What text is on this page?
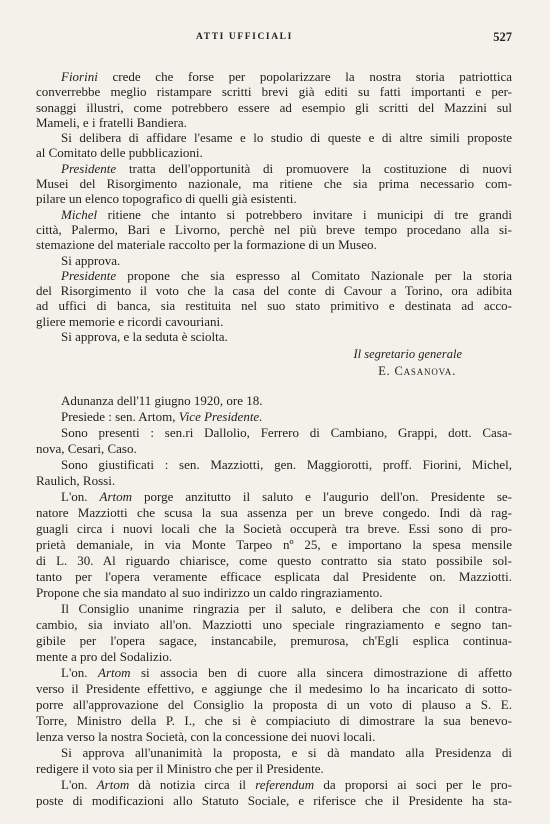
ATTI UFFICIALI	527
Fiorini crede che forse per popolarizzare la nostra storia patriottica
converrebbe meglio ristampare scritti brevi già editi su fatti importanti e per-
sonaggi illustri, come potrebbero essere ad esempio gli scritti del Mazzini sul
Mameli, e i fratelli Bandiera.
Si delibera di affidare l'esame e lo studio di queste e di altre simili proposte
al Comitato delle pubblicazioni.
Presidente tratta dell'opportunità di promuovere la costituzione di nuovi
Musei del Risorgimento nazionale, ma ritiene che sia prima necessario com-
pilare un elenco topografico di quelli già esistenti.
Michel ritiene che intanto si potrebbero invitare i municipi di tre grandi
città, Palermo, Bari e Livorno, perchè nel più breve tempo procedano alla si-
stemazione del materiale raccolto per la formazione di un Museo.
Si approva.
Presidente propone che sia espresso al Comitato Nazionale per la storia
del Risorgimento il voto che la casa del conte di Cavour a Torino, ora adibita
ad uffici di banca, sia restituita nel suo stato primitivo e destinata ad acco-
gliere memorie e ricordi cavouriani.
Si approva, e la seduta è sciolta.
Il segretario generale
E. Casanova.
Adunanza dell'11 giugno 1920, ore 18.
Presiede : sen. Artom, Vice Presidente.
Sono presenti : sen.ri Dallolio, Ferrero di Cambiano, Grappi, dott. Casa-
nova, Cesari, Caso.
Sono giustificati : sen. Mazziotti, gen. Maggiorotti, proff. Fiorini, Michel,
Raulich, Rossi.
L'on. Artom porge anzitutto il saluto e l'augurio dell'on. Presidente se-
natore Mazziotti che scusa la sua assenza per un breve congedo. Indi dà rag-
guagli circa i nuovi locali che la Società occuperà tra breve. Essi sono di pro-
prietà demaniale, in via Monte Tarpeo nº 25, e importano la spesa mensile
di L. 30. Al riguardo chiarisce, come questo contratto sia stato possibile sol-
tanto per l'opera veramente efficace esplicata dal Presidente on. Mazziotti.
Propone che sia mandato al suo indirizzo un caldo ringraziamento.
Il Consiglio unanime ringrazia per il saluto, e delibera che con il contra-
cambio, sia inviato all'on. Mazziotti uno speciale ringraziamento e segno tan-
gibile per l'opera sagace, instancabile, premurosa, ch'Egli esplica continua-
mente a pro del Sodalizio.
L'on. Artom si associa ben di cuore alla sincera dimostrazione di affetto
verso il Presidente effettivo, e aggiunge che il medesimo lo ha incaricato di sotto-
porre all'approvazione del Consiglio la proposta di un voto di plauso a S. E.
Torre, Ministro della P. I., che si è compiaciuto di dimostrare la sua benevo-
lenza verso la nostra Società, con la concessione dei nuovi locali.
Si approva all'unanimità la proposta, e si dà mandato alla Presidenza di
redigere il voto sia per il Ministro che per il Presidente.
L'on. Artom dà notizia circa il referendum da proporsi ai soci per le pro-
poste di modificazioni allo Statuto Sociale, e riferisce che il Presidente ha sta-
